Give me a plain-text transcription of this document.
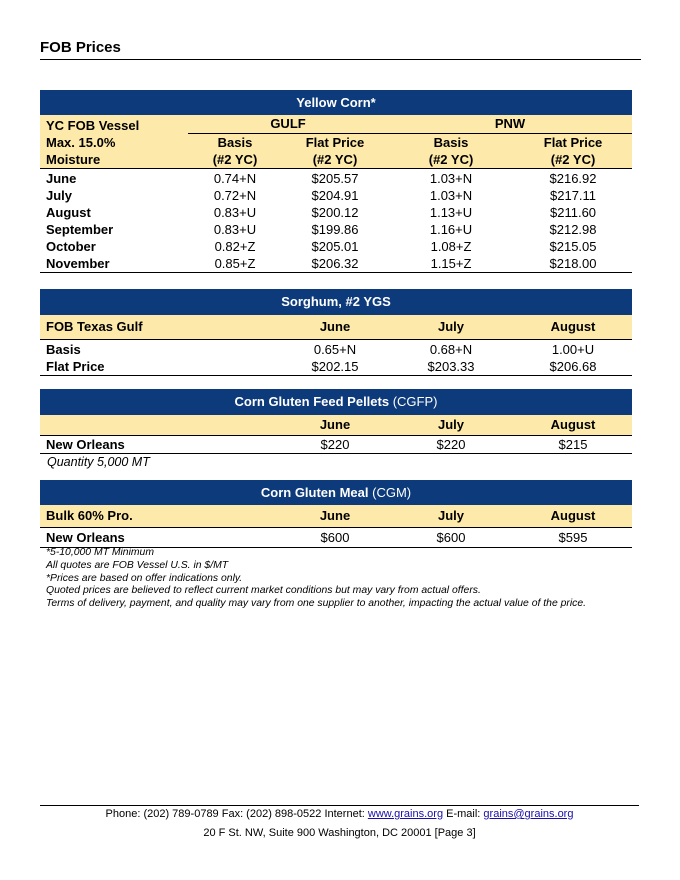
FOB Prices
Yellow Corn*
YC FOB Vessel
Max. 15.0%
Moisture	GULF		PNW	
	Basis	Flat Price	Basis	Flat Price
	(#2 YC)	(#2 YC)	(#2 YC)	(#2 YC)
June	0.74+N	$205.57	1.03+N	$216.92
July	0.72+N	$204.91	1.03+N	$217.11
August	0.83+U	$200.12	1.13+U	$211.60
September	0.83+U	$199.86	1.16+U	$212.98
October	0.82+Z	$205.01	1.08+Z	$215.05
November	0.85+Z	$206.32	1.15+Z	$218.00
Sorghum, #2 YGS
FOB Texas Gulf	June	July	August
Basis	0.65+N	0.68+N	1.00+U
Flat Price	$202.15	$203.33	$206.68
Corn Gluten Feed Pellets (CGFP)
	June	July	August
New Orleans	$220	$220	$215
Quantity 5,000 MT
Corn Gluten Meal (CGM)
Bulk 60% Pro.	June	July	August
New Orleans	$600	$600	$595
*5-10,000 MT Minimum
All quotes are FOB Vessel U.S. in $/MT
*Prices are based on offer indications only.
Quoted prices are believed to reflect current market conditions but may vary from actual offers.
Terms of delivery, payment, and quality may vary from one supplier to another, impacting the actual value of the price.
Phone: (202) 789-0789 Fax: (202) 898-0522 Internet: www.grains.org E-mail: grains@grains.org
20 F St. NW, Suite 900 Washington, DC 20001 [Page 3]
